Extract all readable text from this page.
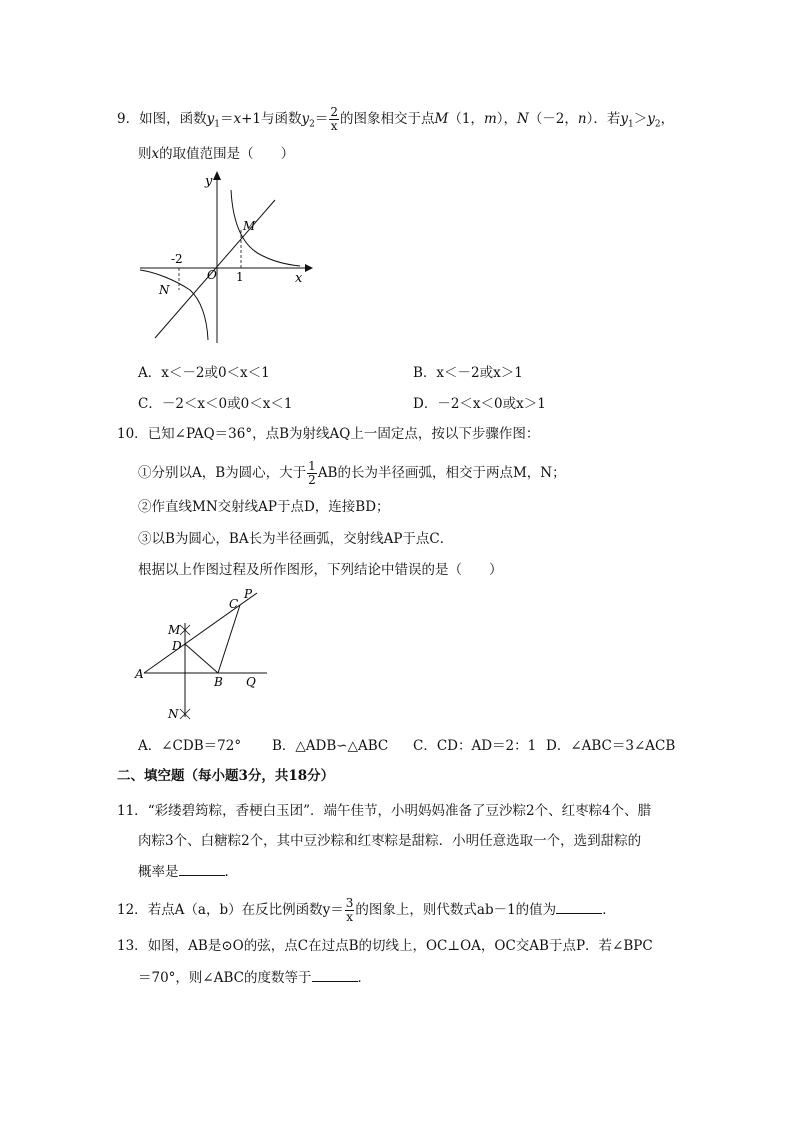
9．如图，函数$y_1=x+1$与函数$y_2= \frac{2}{x}$ 的图象相交于点M（1，m），N（－2，n）．若$y_1>y_2$，
则x的取值范围是（　　）
y
x
O
M
N
-2
1
A．x＜－2或0＜x＜1	B．x＜－2或x＞1
C．－2＜x＜0或0＜x＜1	D．－2＜x＜0或x＞1
10．已知∠PAQ＝36°，点B为射线AQ上一固定点，按以下步骤作图：
①分别以A，B为圆心，大于 $\frac{1}{2}$ AB的长为半径画弧，相交于两点M，N；
②作直线MN交射线AP于点D，连接BD；
③以B为圆心，BA长为半径画弧，交射线AP于点C．
根据以上作图过程及所作图形，下列结论中错误的是（　　）
A
B Q
C
P
D
M
N
A．∠CDB＝72° B．△ADB∽△ABC C．CD：AD＝2：1 D．∠ABC＝3∠ACB
二、填空题（每小题3分，共18分）
11．“彩缕碧筠粽，香梗白玉团”．端午佳节，小明妈妈准备了豆沙粽2个、红枣粽4个、腊
肉粽3个、白糖粽2个，其中豆沙粽和红枣粽是甜粽．小明任意选取一个，选到甜粽的
概率是	．
12．若点A（a，b）在反比例函数$y= \frac{3}{x}$ 的图象上，则代数式ab－1的值为	．
13．如图，AB是⊙O的弦，点C在过点B的切线上，OC⊥OA，OC交AB于点P．若∠BPC
＝70°，则∠ABC的度数等于	．
